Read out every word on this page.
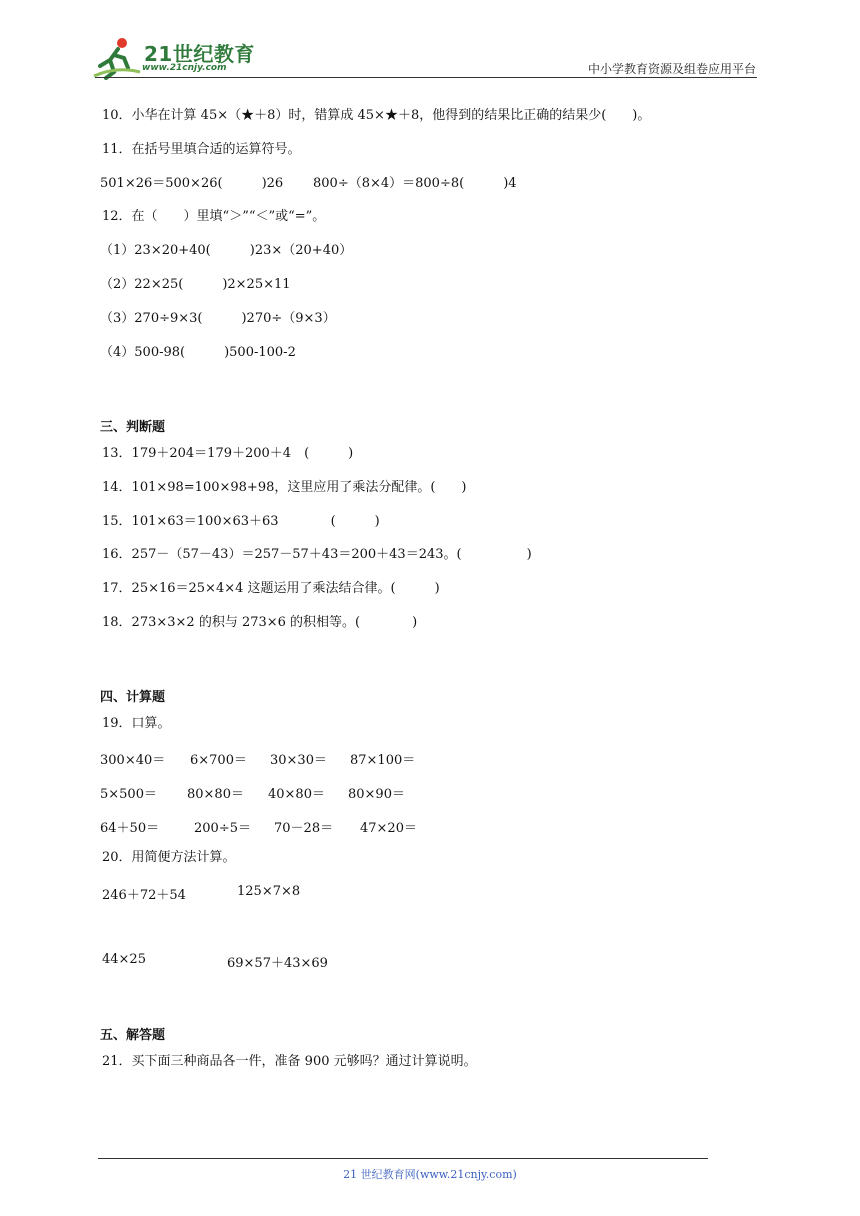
21世纪教育
www.21cnjy.com	中小学教育资源及组卷应用平台
10．小华在计算 45×（★＋8）时，错算成 45×★＋8，他得到的结果比正确的结果少(　　)。
11．在括号里填合适的运算符号。
501×26＝500×26(　　　)26 800÷（8×4）＝800÷8(　　　)4
12．在（　　）里填“＞”“＜”或“=”。
（1）23×20+40(　　　)23×（20+40）
（2）22×25(　　　)2×25×11
（3）270÷9×3(　　　)270÷（9×3）
（4）500-98(　　　)500-100-2
三、判断题
13．179＋204＝179＋200＋4　(　　　)
14．101×98=100×98+98，这里应用了乘法分配律。(　　)
15．101×63＝100×63＋63　　　　(　　　)
16．257－（57－43）＝257－57＋43＝200＋43＝243。(　　　　　)
17．25×16＝25×4×4 这题运用了乘法结合律。(　　　)
18．273×3×2 的积与 273×6 的积相等。(　　　　)
四、计算题
19．口算。
300×40＝ 6×700＝ 30×30＝ 87×100＝
5×500＝ 80×80＝ 40×80＝ 80×90＝
64＋50＝	200÷5＝ 70－28＝ 47×20＝
20．用简便方法计算。
246＋72＋54	125×7×8
44×25	69×57＋43×69
五、解答题
21．买下面三种商品各一件，准备 900 元够吗？通过计算说明。
21 世纪教育网(www.21cnjy.com)
